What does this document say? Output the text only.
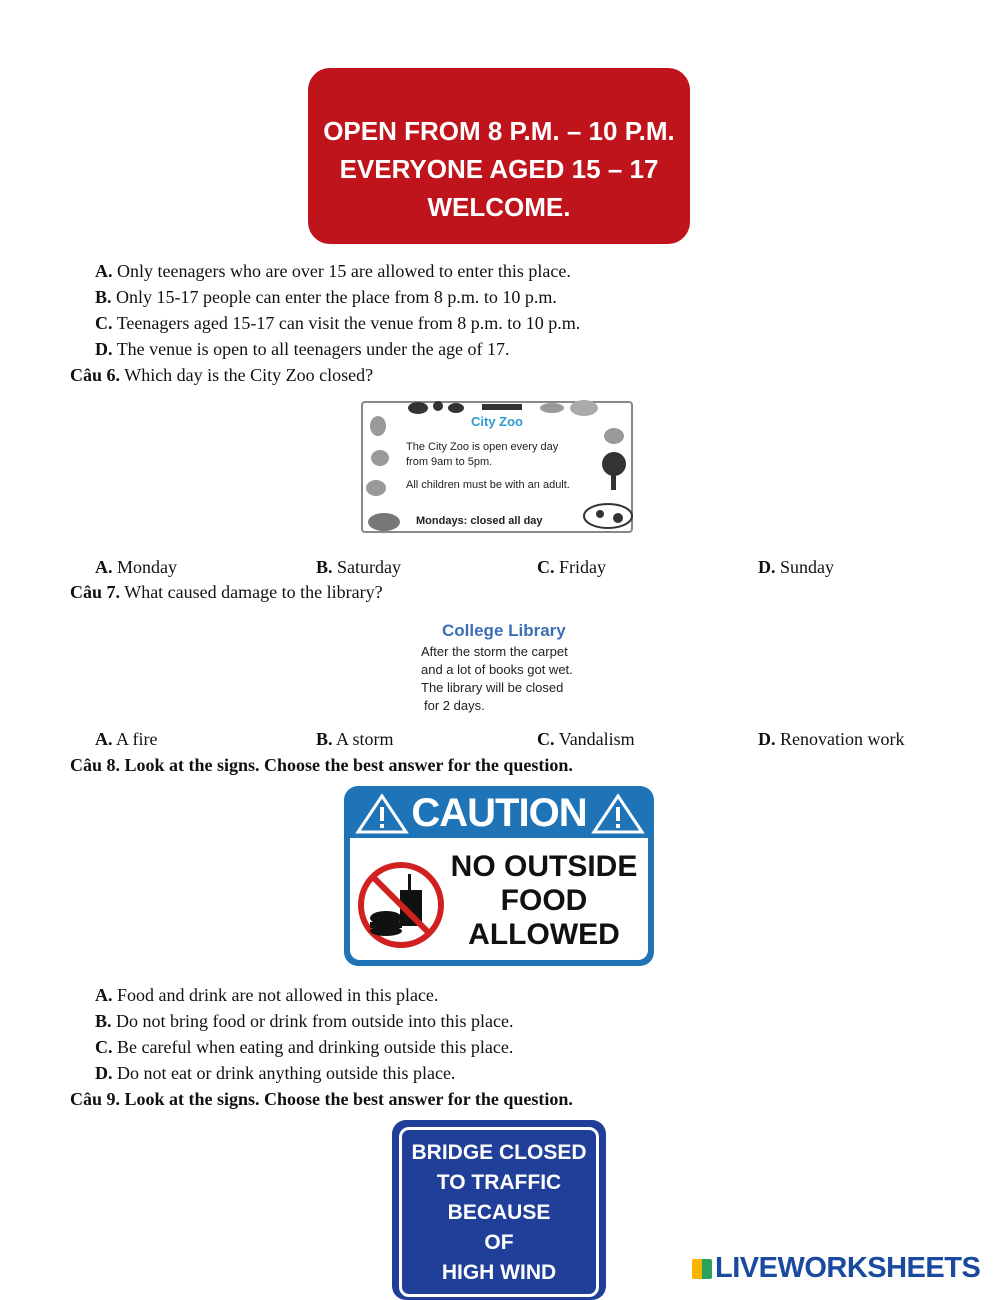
OPEN FROM 8 P.M. – 10 P.M.
EVERYONE AGED 15 – 17
WELCOME.
A. Only teenagers who are over 15 are allowed to enter this place.
B. Only 15-17 people can enter the place from 8 p.m. to 10 p.m.
C. Teenagers aged 15-17 can visit the venue from 8 p.m. to 10 p.m.
D. The venue is open to all teenagers under the age of 17.
Câu 6. Which day is the City Zoo closed?
City Zoo
The City Zoo is open every day
from 9am to 5pm.
All children must be with an adult.
Mondays: closed all day
A. Monday	B. Saturday	C. Friday	D. Sunday
Câu 7. What caused damage to the library?
College Library
After the storm the carpet
and a lot of books got wet.
The library will be closed
for 2 days.
A. A fire	B. A storm	C. Vandalism	D. Renovation work
Câu 8. Look at the signs. Choose the best answer for the question.
CAUTION
NO OUTSIDE
FOOD
ALLOWED
A. Food and drink are not allowed in this place.
B. Do not bring food or drink from outside into this place.
C. Be careful when eating and drinking outside this place.
D. Do not eat or drink anything outside this place.
Câu 9. Look at the signs. Choose the best answer for the question.
BRIDGE CLOSED
TO TRAFFIC
BECAUSE
OF
HIGH WIND	LIVEWORKSHEETS
